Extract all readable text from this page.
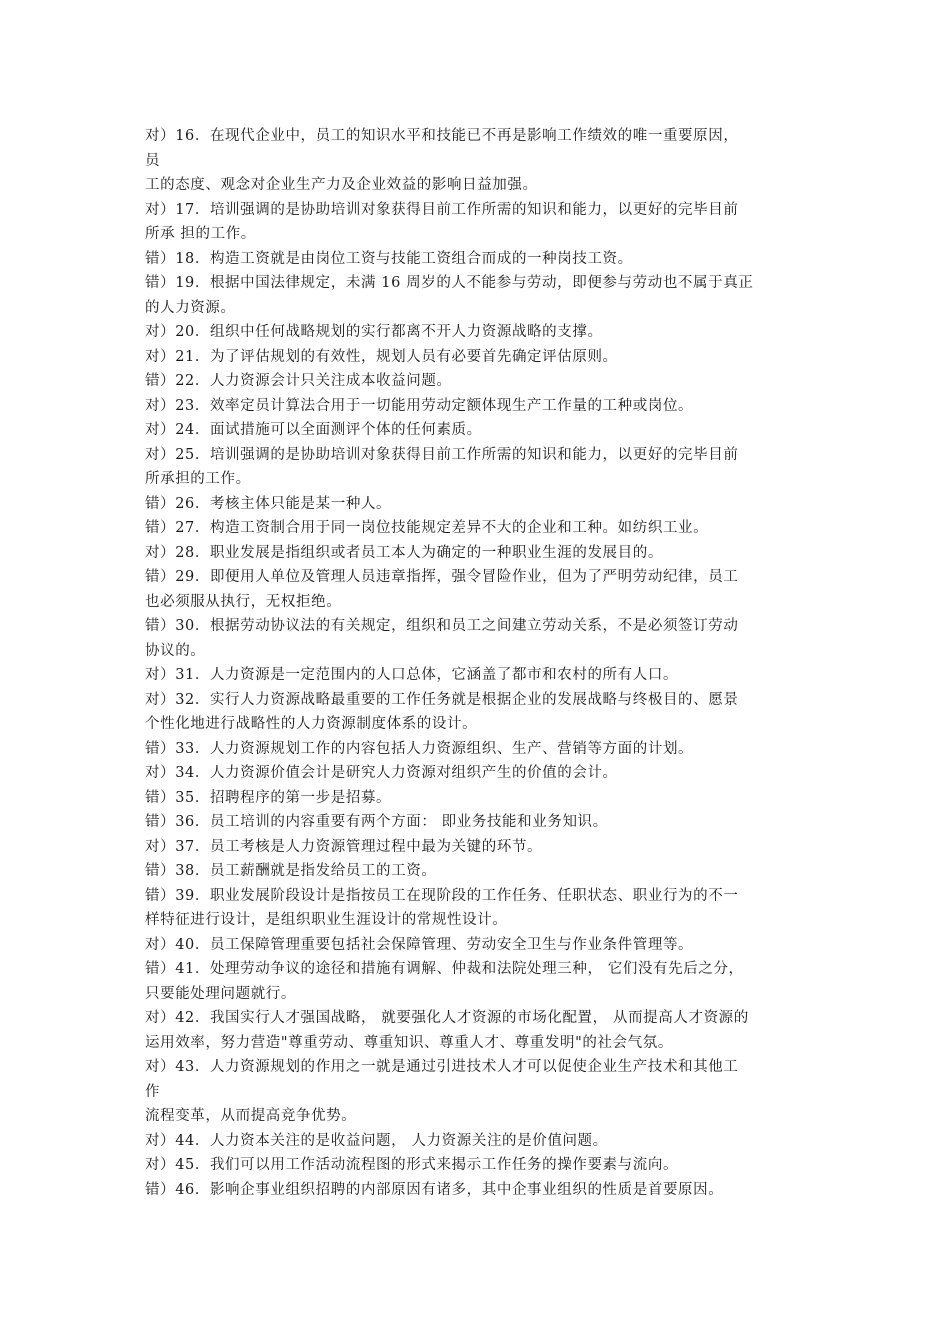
对）16．在现代企业中，员工的知识水平和技能已不再是影响工作绩效的唯一重要原因，
员
工的态度、观念对企业生产力及企业效益的影响日益加强。
对）17．培训强调的是协助培训对象获得目前工作所需的知识和能力，以更好的完毕目前
所承 担的工作。
错）18．构造工资就是由岗位工资与技能工资组合而成的一种岗技工资。
错）19．根据中国法律规定，未满 16 周岁的人不能参与劳动，即便参与劳动也不属于真正
的人力资源。
对）20．组织中任何战略规划的实行都离不开人力资源战略的支撑。
对）21．为了评估规划的有效性，规划人员有必要首先确定评估原则。
错）22．人力资源会计只关注成本收益问题。
对）23．效率定员计算法合用于一切能用劳动定额体现生产工作量的工种或岗位。
对）24．面试措施可以全面测评个体的任何素质。
对）25．培训强调的是协助培训对象获得目前工作所需的知识和能力，以更好的完毕目前
所承担的工作。
错）26．考核主体只能是某一种人。
错）27．构造工资制合用于同一岗位技能规定差异不大的企业和工种。如纺织工业。
对）28．职业发展是指组织或者员工本人为确定的一种职业生涯的发展目的。
错）29．即便用人单位及管理人员违章指挥，强令冒险作业，但为了严明劳动纪律，员工
也必须服从执行，无权拒绝。
错）30．根据劳动协议法的有关规定，组织和员工之间建立劳动关系，不是必须签订劳动
协议的。
对）31．人力资源是一定范围内的人口总体，它涵盖了都市和农村的所有人口。
对）32．实行人力资源战略最重要的工作任务就是根据企业的发展战略与终极目的、愿景
个性化地进行战略性的人力资源制度体系的设计。
错）33．人力资源规划工作的内容包括人力资源组织、生产、营销等方面的计划。
对）34．人力资源价值会计是研究人力资源对组织产生的价值的会计。
错）35．招聘程序的第一步是招募。
错）36．员工培训的内容重要有两个方面： 即业务技能和业务知识。
对）37．员工考核是人力资源管理过程中最为关键的环节。
错）38．员工薪酬就是指发给员工的工资。
错）39．职业发展阶段设计是指按员工在现阶段的工作任务、任职状态、职业行为的不一
样特征进行设计，是组织职业生涯设计的常规性设计。
对）40．员工保障管理重要包括社会保障管理、劳动安全卫生与作业条件管理等。
错）41．处理劳动争议的途径和措施有调解、仲裁和法院处理三种， 它们没有先后之分，
只要能处理问题就行。
对）42．我国实行人才强国战略， 就要强化人才资源的市场化配置， 从而提高人才资源的
运用效率，努力营造"尊重劳动、尊重知识、尊重人才、尊重发明"的社会气氛。
对）43．人力资源规划的作用之一就是通过引进技术人才可以促使企业生产技术和其他工
作
流程变革，从而提高竞争优势。
对）44．人力资本关注的是收益问题， 人力资源关注的是价值问题。
对）45．我们可以用工作活动流程图的形式来揭示工作任务的操作要素与流向。
错）46．影响企事业组织招聘的内部原因有诸多，其中企事业组织的性质是首要原因。
